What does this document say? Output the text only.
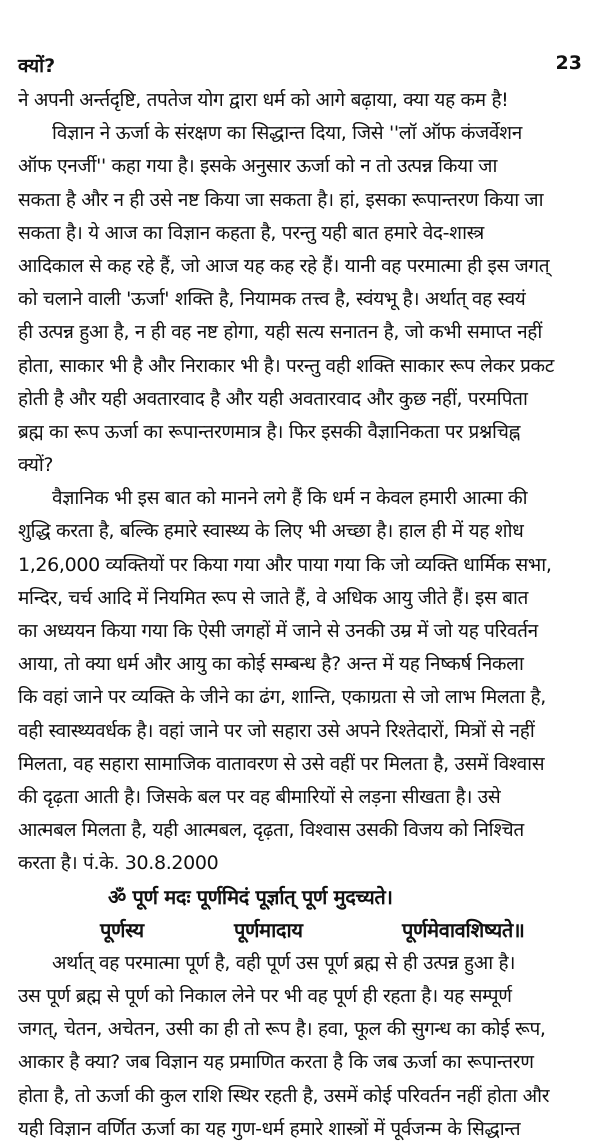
क्यों?	23
ने अपनी अर्न्तदृष्टि, तपतेज योग द्वारा धर्म को आगे बढ़ाया, क्या यह कम है!
विज्ञान ने ऊर्जा के संरक्षण का सिद्धान्त दिया, जिसे ''लॉ ऑफ कंजर्वेशन
ऑफ एनर्जी'' कहा गया है। इसके अनुसार ऊर्जा को न तो उत्पन्न किया जा
सकता है और न ही उसे नष्ट किया जा सकता है। हां, इसका रूपान्तरण किया जा
सकता है। ये आज का विज्ञान कहता है, परन्तु यही बात हमारे वेद-शास्त्र
आदिकाल से कह रहे हैं, जो आज यह कह रहे हैं। यानी वह परमात्मा ही इस जगत्
को चलाने वाली 'ऊर्जा' शक्ति है, नियामक तत्त्व है, स्वंयभू है। अर्थात् वह स्वयं
ही उत्पन्न हुआ है, न ही वह नष्ट होगा, यही सत्य सनातन है, जो कभी समाप्त नहीं
होता, साकार भी है और निराकार भी है। परन्तु वही शक्ति साकार रूप लेकर प्रकट
होती है और यही अवतारवाद है और यही अवतारवाद और कुछ नहीं, परमपिता
ब्रह्म का रूप ऊर्जा का रूपान्तरणमात्र है। फिर इसकी वैज्ञानिकता पर प्रश्नचिह्न
क्यों?
वैज्ञानिक भी इस बात को मानने लगे हैं कि धर्म न केवल हमारी आत्मा की
शुद्धि करता है, बल्कि हमारे स्वास्थ्य के लिए भी अच्छा है। हाल ही में यह शोध
1,26,000 व्यक्तियों पर किया गया और पाया गया कि जो व्यक्ति धार्मिक सभा,
मन्दिर, चर्च आदि में नियमित रूप से जाते हैं, वे अधिक आयु जीते हैं। इस बात
का अध्ययन किया गया कि ऐसी जगहों में जाने से उनकी उम्र में जो यह परिवर्तन
आया, तो क्या धर्म और आयु का कोई सम्बन्ध है? अन्त में यह निष्कर्ष निकला
कि वहां जाने पर व्यक्ति के जीने का ढंग, शान्ति, एकाग्रता से जो लाभ मिलता है,
वही स्वास्थ्यवर्धक है। वहां जाने पर जो सहारा उसे अपने रिश्तेदारों, मित्रों से नहीं
मिलता, वह सहारा सामाजिक वातावरण से उसे वहीं पर मिलता है, उसमें विश्वास
की दृढ़ता आती है। जिसके बल पर वह बीमारियों से लड़ना सीखता है। उसे
आत्मबल मिलता है, यही आत्मबल, दृढ़ता, विश्वास उसकी विजय को निश्चित
करता है। पं.के. 30.8.2000
ॐ पूर्ण मदः पूर्णमिदं पूर्ज्ञात् पूर्ण मुदच्यते।
पूर्णस्य	पूर्णमादाय	पूर्णमेवावशिष्यते॥
अर्थात् वह परमात्मा पूर्ण है, वही पूर्ण उस पूर्ण ब्रह्म से ही उत्पन्न हुआ है।
उस पूर्ण ब्रह्म से पूर्ण को निकाल लेने पर भी वह पूर्ण ही रहता है। यह सम्पूर्ण
जगत्, चेतन, अचेतन, उसी का ही तो रूप है। हवा, फूल की सुगन्ध का कोई रूप,
आकार है क्या? जब विज्ञान यह प्रमाणित करता है कि जब ऊर्जा का रूपान्तरण
होता है, तो ऊर्जा की कुल राशि स्थिर रहती है, उसमें कोई परिवर्तन नहीं होता और
यही विज्ञान वर्णित ऊर्जा का यह गुण-धर्म हमारे शास्त्रों में पूर्वजन्म के सिद्धान्त
